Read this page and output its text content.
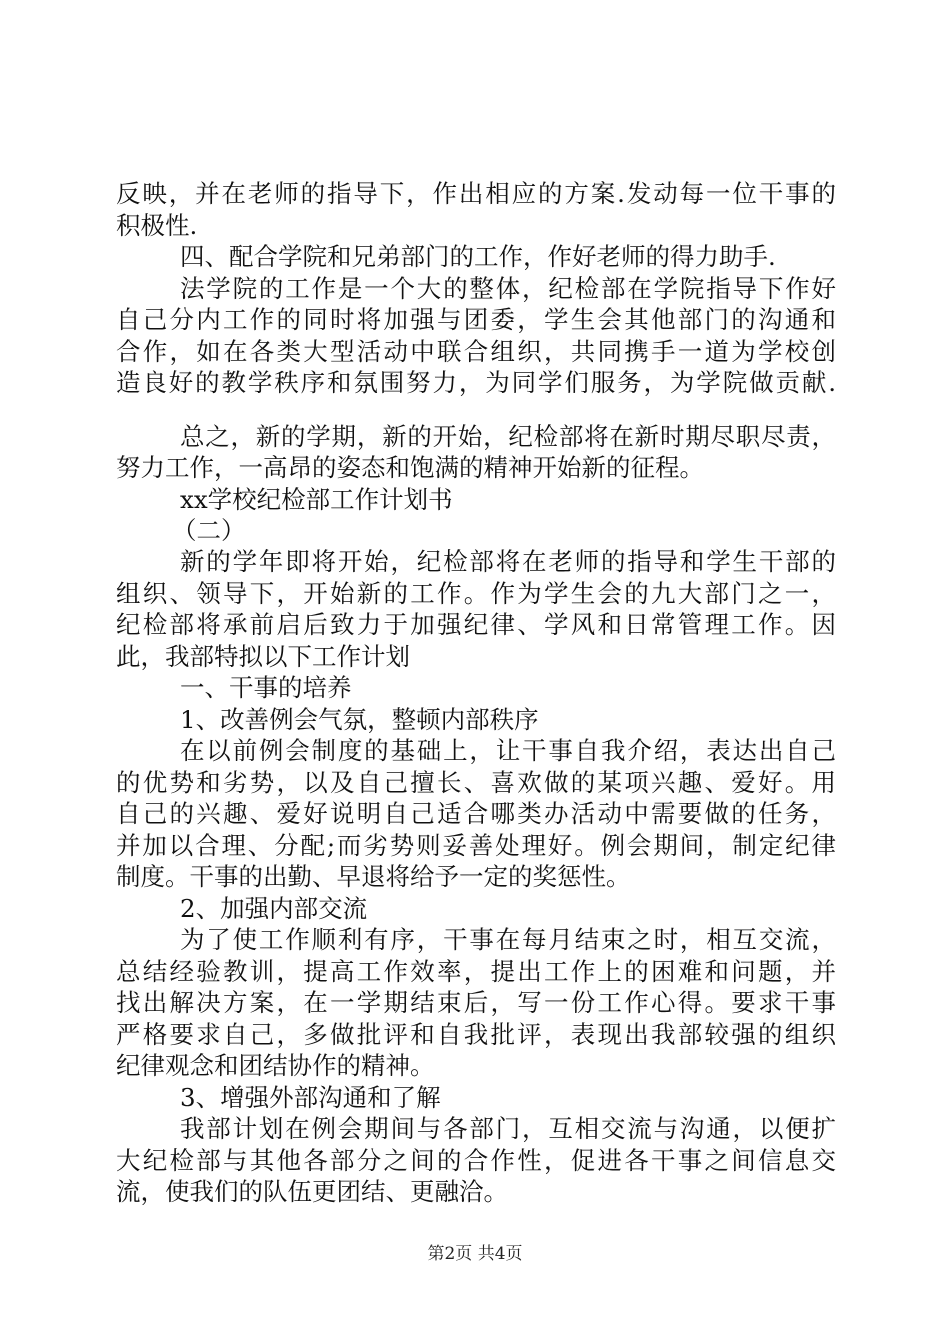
反映，并在老师的指导下，作出相应的方案.发动每一位干事的

积极性.

四、配合学院和兄弟部门的工作，作好老师的得力助手.

法学院的工作是一个大的整体，纪检部在学院指导下作好

自己分内工作的同时将加强与团委，学生会其他部门的沟通和

合作，如在各类大型活动中联合组织，共同携手一道为学校创

造良好的教学秩序和氛围努力，为同学们服务，为学院做贡献.

总之，新的学期，新的开始，纪检部将在新时期尽职尽责，

努力工作，一高昂的姿态和饱满的精神开始新的征程。

xx学校纪检部工作计划书

（二）

新的学年即将开始，纪检部将在老师的指导和学生干部的

组织、领导下，开始新的工作。作为学生会的九大部门之一，

纪检部将承前启后致力于加强纪律、学风和日常管理工作。因

此，我部特拟以下工作计划

一、干事的培养

1、改善例会气氛，整顿内部秩序

在以前例会制度的基础上，让干事自我介绍，表达出自己

的优势和劣势，以及自己擅长、喜欢做的某项兴趣、爱好。用

自己的兴趣、爱好说明自己适合哪类办活动中需要做的任务，

并加以合理、分配;而劣势则妥善处理好。例会期间，制定纪律

制度。干事的出勤、早退将给予一定的奖惩性。

2、加强内部交流

为了使工作顺利有序，干事在每月结束之时，相互交流，

总结经验教训，提高工作效率，提出工作上的困难和问题，并

找出解决方案，在一学期结束后，写一份工作心得。要求干事

严格要求自己，多做批评和自我批评，表现出我部较强的组织

纪律观念和团结协作的精神。

3、增强外部沟通和了解

我部计划在例会期间与各部门，互相交流与沟通，以便扩

大纪检部与其他各部分之间的合作性，促进各干事之间信息交

流，使我们的队伍更团结、更融洽。

第2页 共4页
